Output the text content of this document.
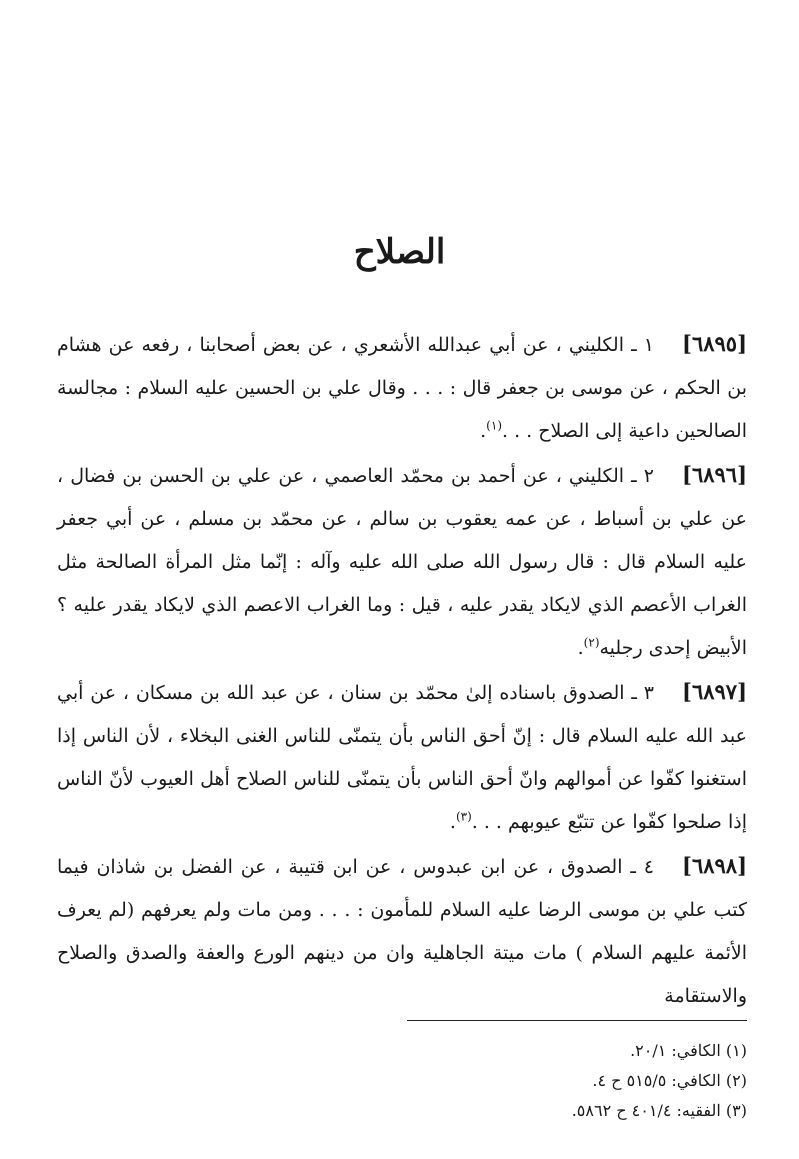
الصلاح

[٦٨٩٥]١ ـ الكليني ، عن أبي عبدالله الأشعري ، عن بعض أصحابنا ، رفعه عن هشام بن الحكم ، عن موسى بن جعفر قال : . . . وقال علي بن الحسين عليه السلام : مجالسة الصالحين داعية إلى الصلاح . . .$^{(١)}$.

[٦٨٩٦]٢ ـ الكليني ، عن أحمد بن محمّد العاصمي ، عن علي بن الحسن بن فضال ، عن علي بن أسباط ، عن عمه يعقوب بن سالم ، عن محمّد بن مسلم ، عن أبي جعفر عليه السلام قال : قال رسول الله صلى الله عليه وآله : إنّما مثل المرأة الصالحة مثل الغراب الأعصم الذي لايكاد يقدر عليه ، قيل : وما الغراب الاعصم الذي لايكاد يقدر عليه ؟ الأبيض إحدى رجليه$^{(٢)}$.

[٦٨٩٧]٣ ـ الصدوق باسناده إلىٰ محمّد بن سنان ، عن عبد الله بن مسكان ، عن أبي عبد الله عليه السلام قال : إنّ أحق الناس بأن يتمنّى للناس الغنى البخلاء ، لأن الناس إذا استغنوا كفّوا عن أموالهم وانّ أحق الناس بأن يتمنّى للناس الصلاح أهل العيوب لأنّ الناس إذا صلحوا كفّوا عن تتبّع عيوبهم . . .$^{(٣)}$.

[٦٨٩٨]٤ ـ الصدوق ، عن ابن عبدوس ، عن ابن قتيبة ، عن الفضل بن شاذان فيما كتب علي بن موسى الرضا عليه السلام للمأمون : . . . ومن مات ولم يعرفهم (لم يعرف الأئمة عليهم السلام ) مات ميتة الجاهلية وان من دينهم الورع والعفة والصدق والصلاح والاستقامة

(١) الكافي: ٢٠/١.

(٢) الكافي: ٥١٥/٥ ح ٤.

(٣) الفقيه: ٤٠١/٤ ح ٥٨٦٢.
